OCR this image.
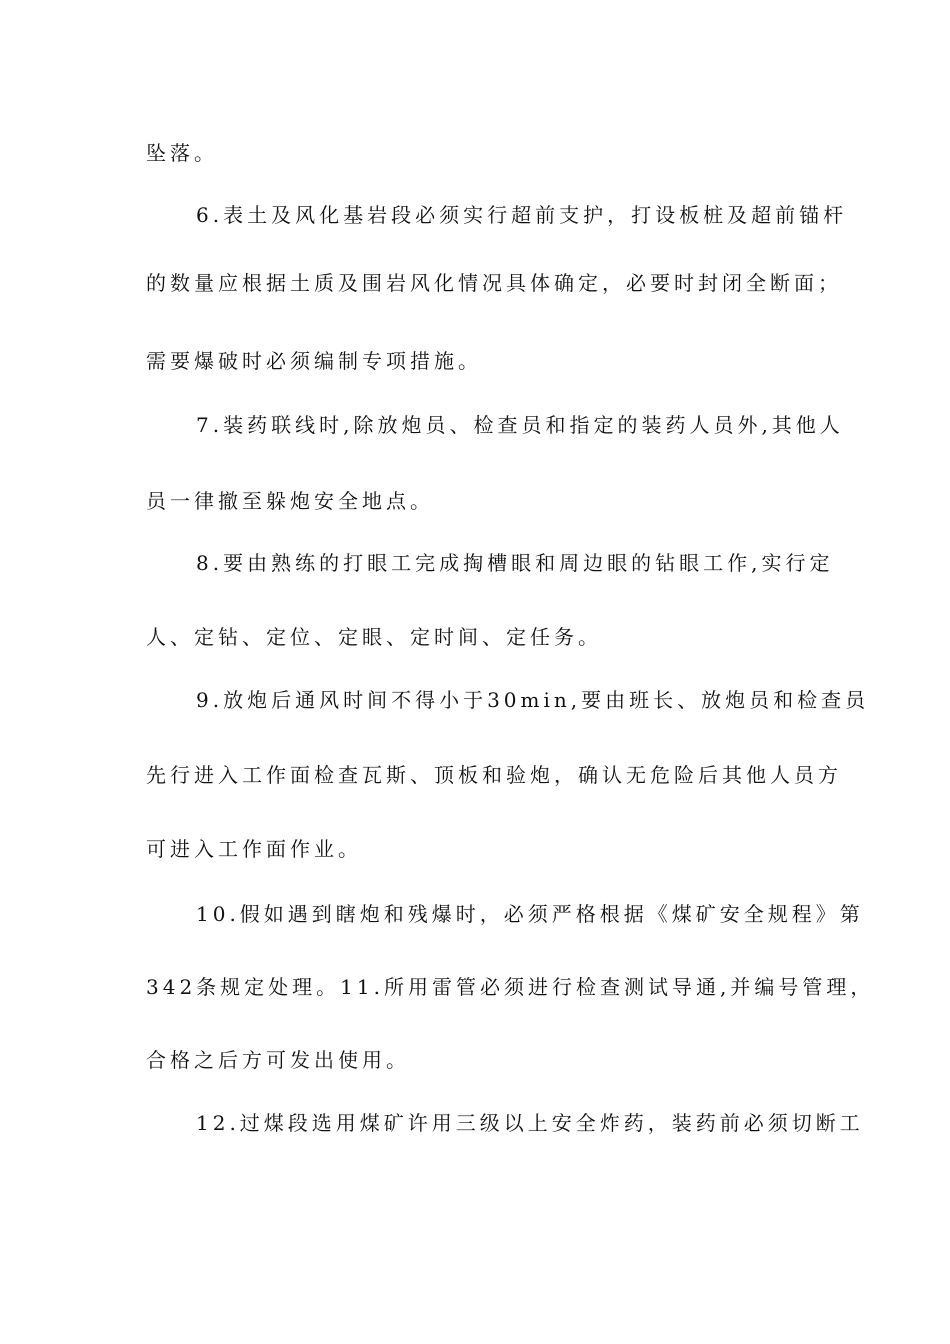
坠落。
6.表土及风化基岩段必须实行超前支护，打设板桩及超前锚杆
的数量应根据土质及围岩风化情况具体确定，必要时封闭全断面；
需要爆破时必须编制专项措施。
7.装药联线时,除放炮员、检查员和指定的装药人员外,其他人
员一律撤至躲炮安全地点。
8.要由熟练的打眼工完成掏槽眼和周边眼的钻眼工作,实行定
人、定钻、定位、定眼、定时间、定任务。
9.放炮后通风时间不得小于30min,要由班长、放炮员和检查员
先行进入工作面检查瓦斯、顶板和验炮，确认无危险后其他人员方
可进入工作面作业。
10.假如遇到瞎炮和残爆时，必须严格根据《煤矿安全规程》第
342条规定处理。11.所用雷管必须进行检查测试导通,并编号管理，
合格之后方可发出使用。
12.过煤段选用煤矿许用三级以上安全炸药，装药前必须切断工
